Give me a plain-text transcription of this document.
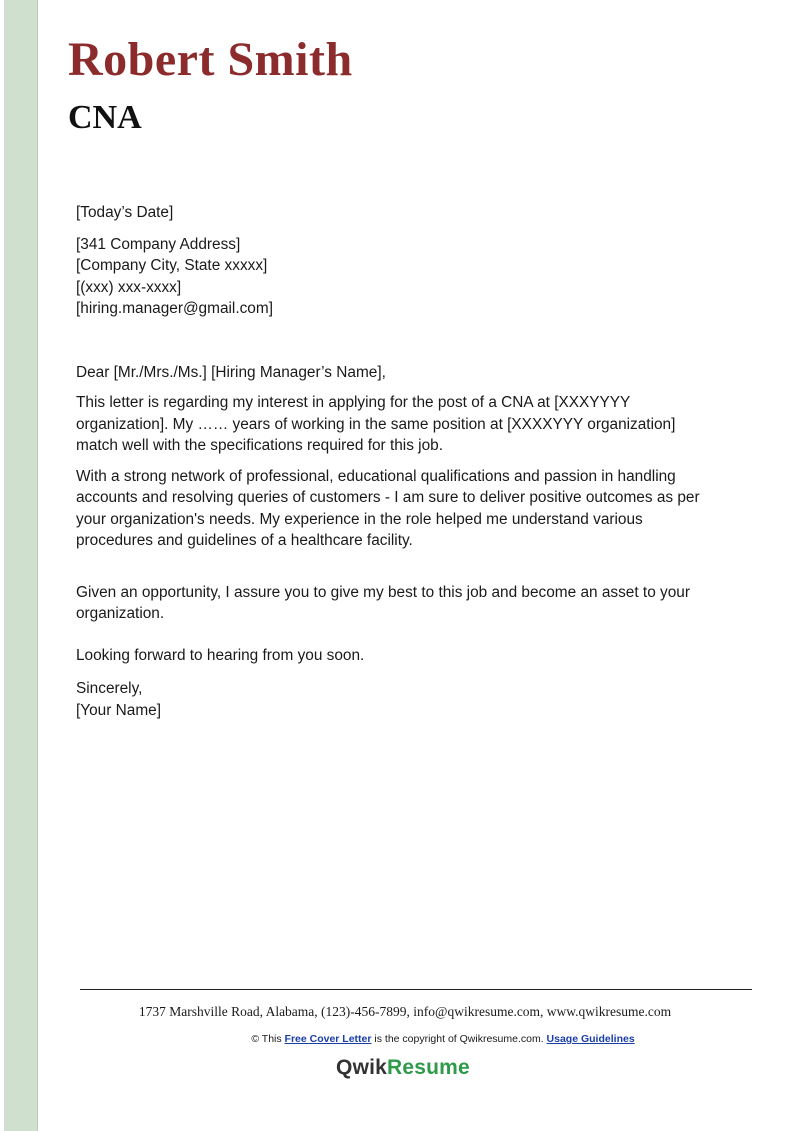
Robert Smith
CNA
[Today’s Date]
[341 Company Address]
[Company City, State xxxxx]
[(xxx) xxx-xxxx]
[hiring.manager@gmail.com]
Dear [Mr./Mrs./Ms.] [Hiring Manager’s Name],
This letter is regarding my interest in applying for the post of a CNA at [XXXYYYY
organization]. My …… years of working in the same position at [XXXXYYY organization]
match well with the specifications required for this job.
With a strong network of professional, educational qualifications and passion in handling
accounts and resolving queries of customers - I am sure to deliver positive outcomes as per
your organization's needs. My experience in the role helped me understand various
procedures and guidelines of a healthcare facility.
Given an opportunity, I assure you to give my best to this job and become an asset to your
organization.
Looking forward to hearing from you soon.
Sincerely,
[Your Name]
1737 Marshville Road, Alabama, (123)-456-7899, info@qwikresume.com, www.qwikresume.com
© This Free Cover Letter is the copyright of Qwikresume.com. Usage Guidelines
QwikResume
